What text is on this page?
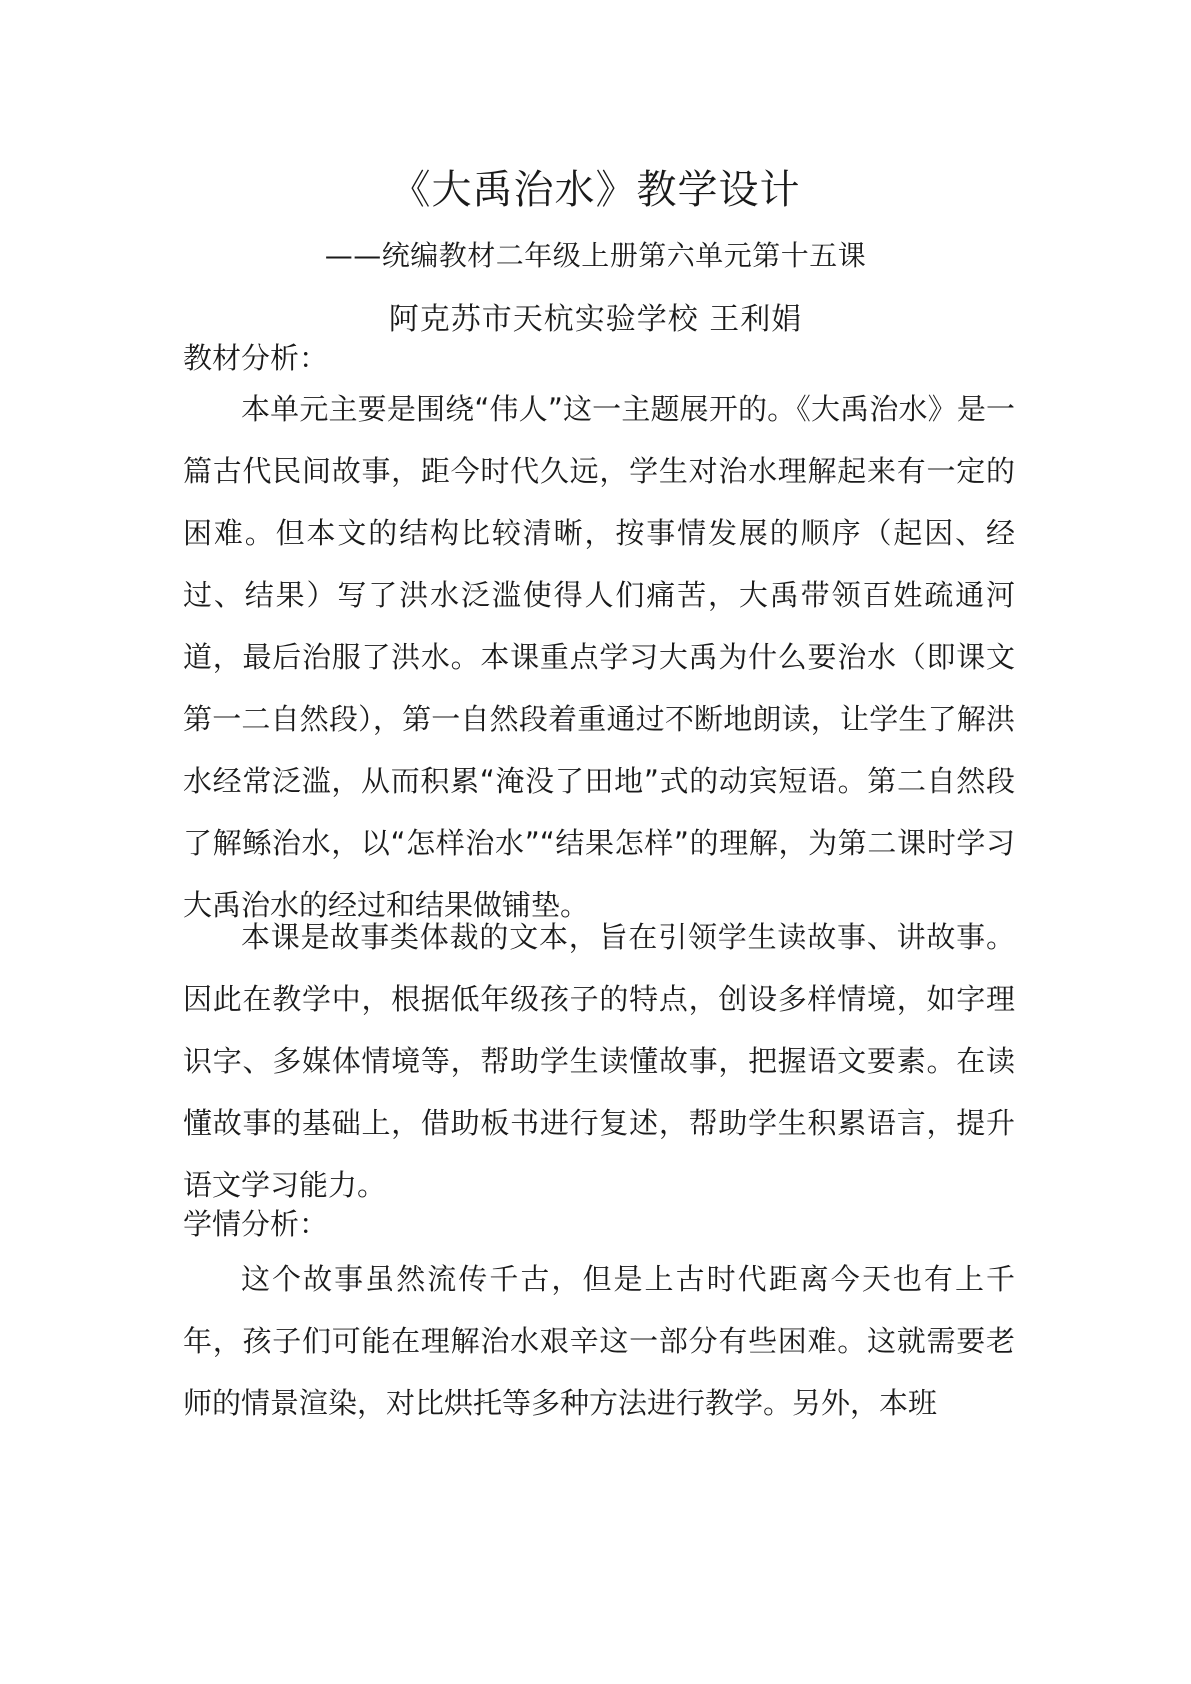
《大禹治水》教学设计
——统编教材二年级上册第六单元第十五课
阿克苏市天杭实验学校 王利娟
教材分析：

本单元主要是围绕“伟人”这一主题展开的。《大禹治水》是一篇古代民间故事，距今时代久远，学生对治水理解起来有一定的困难。但本文的结构比较清晰，按事情发展的顺序（起因、经过、结果）写了洪水泛滥使得人们痛苦，大禹带领百姓疏通河道，最后治服了洪水。本课重点学习大禹为什么要治水（即课文第一二自然段），第一自然段着重通过不断地朗读，让学生了解洪水经常泛滥，从而积累“淹没了田地”式的动宾短语。第二自然段了解鲧治水，以“怎样治水”“结果怎样”的理解，为第二课时学习大禹治水的经过和结果做铺垫。

本课是故事类体裁的文本，旨在引领学生读故事、讲故事。因此在教学中，根据低年级孩子的特点，创设多样情境，如字理识字、多媒体情境等，帮助学生读懂故事，把握语文要素。在读懂故事的基础上，借助板书进行复述，帮助学生积累语言，提升语文学习能力。

学情分析：

这个故事虽然流传千古，但是上古时代距离今天也有上千年，孩子们可能在理解治水艰辛这一部分有些困难。这就需要老师的情景渲染，对比烘托等多种方法进行教学。另外，本班
